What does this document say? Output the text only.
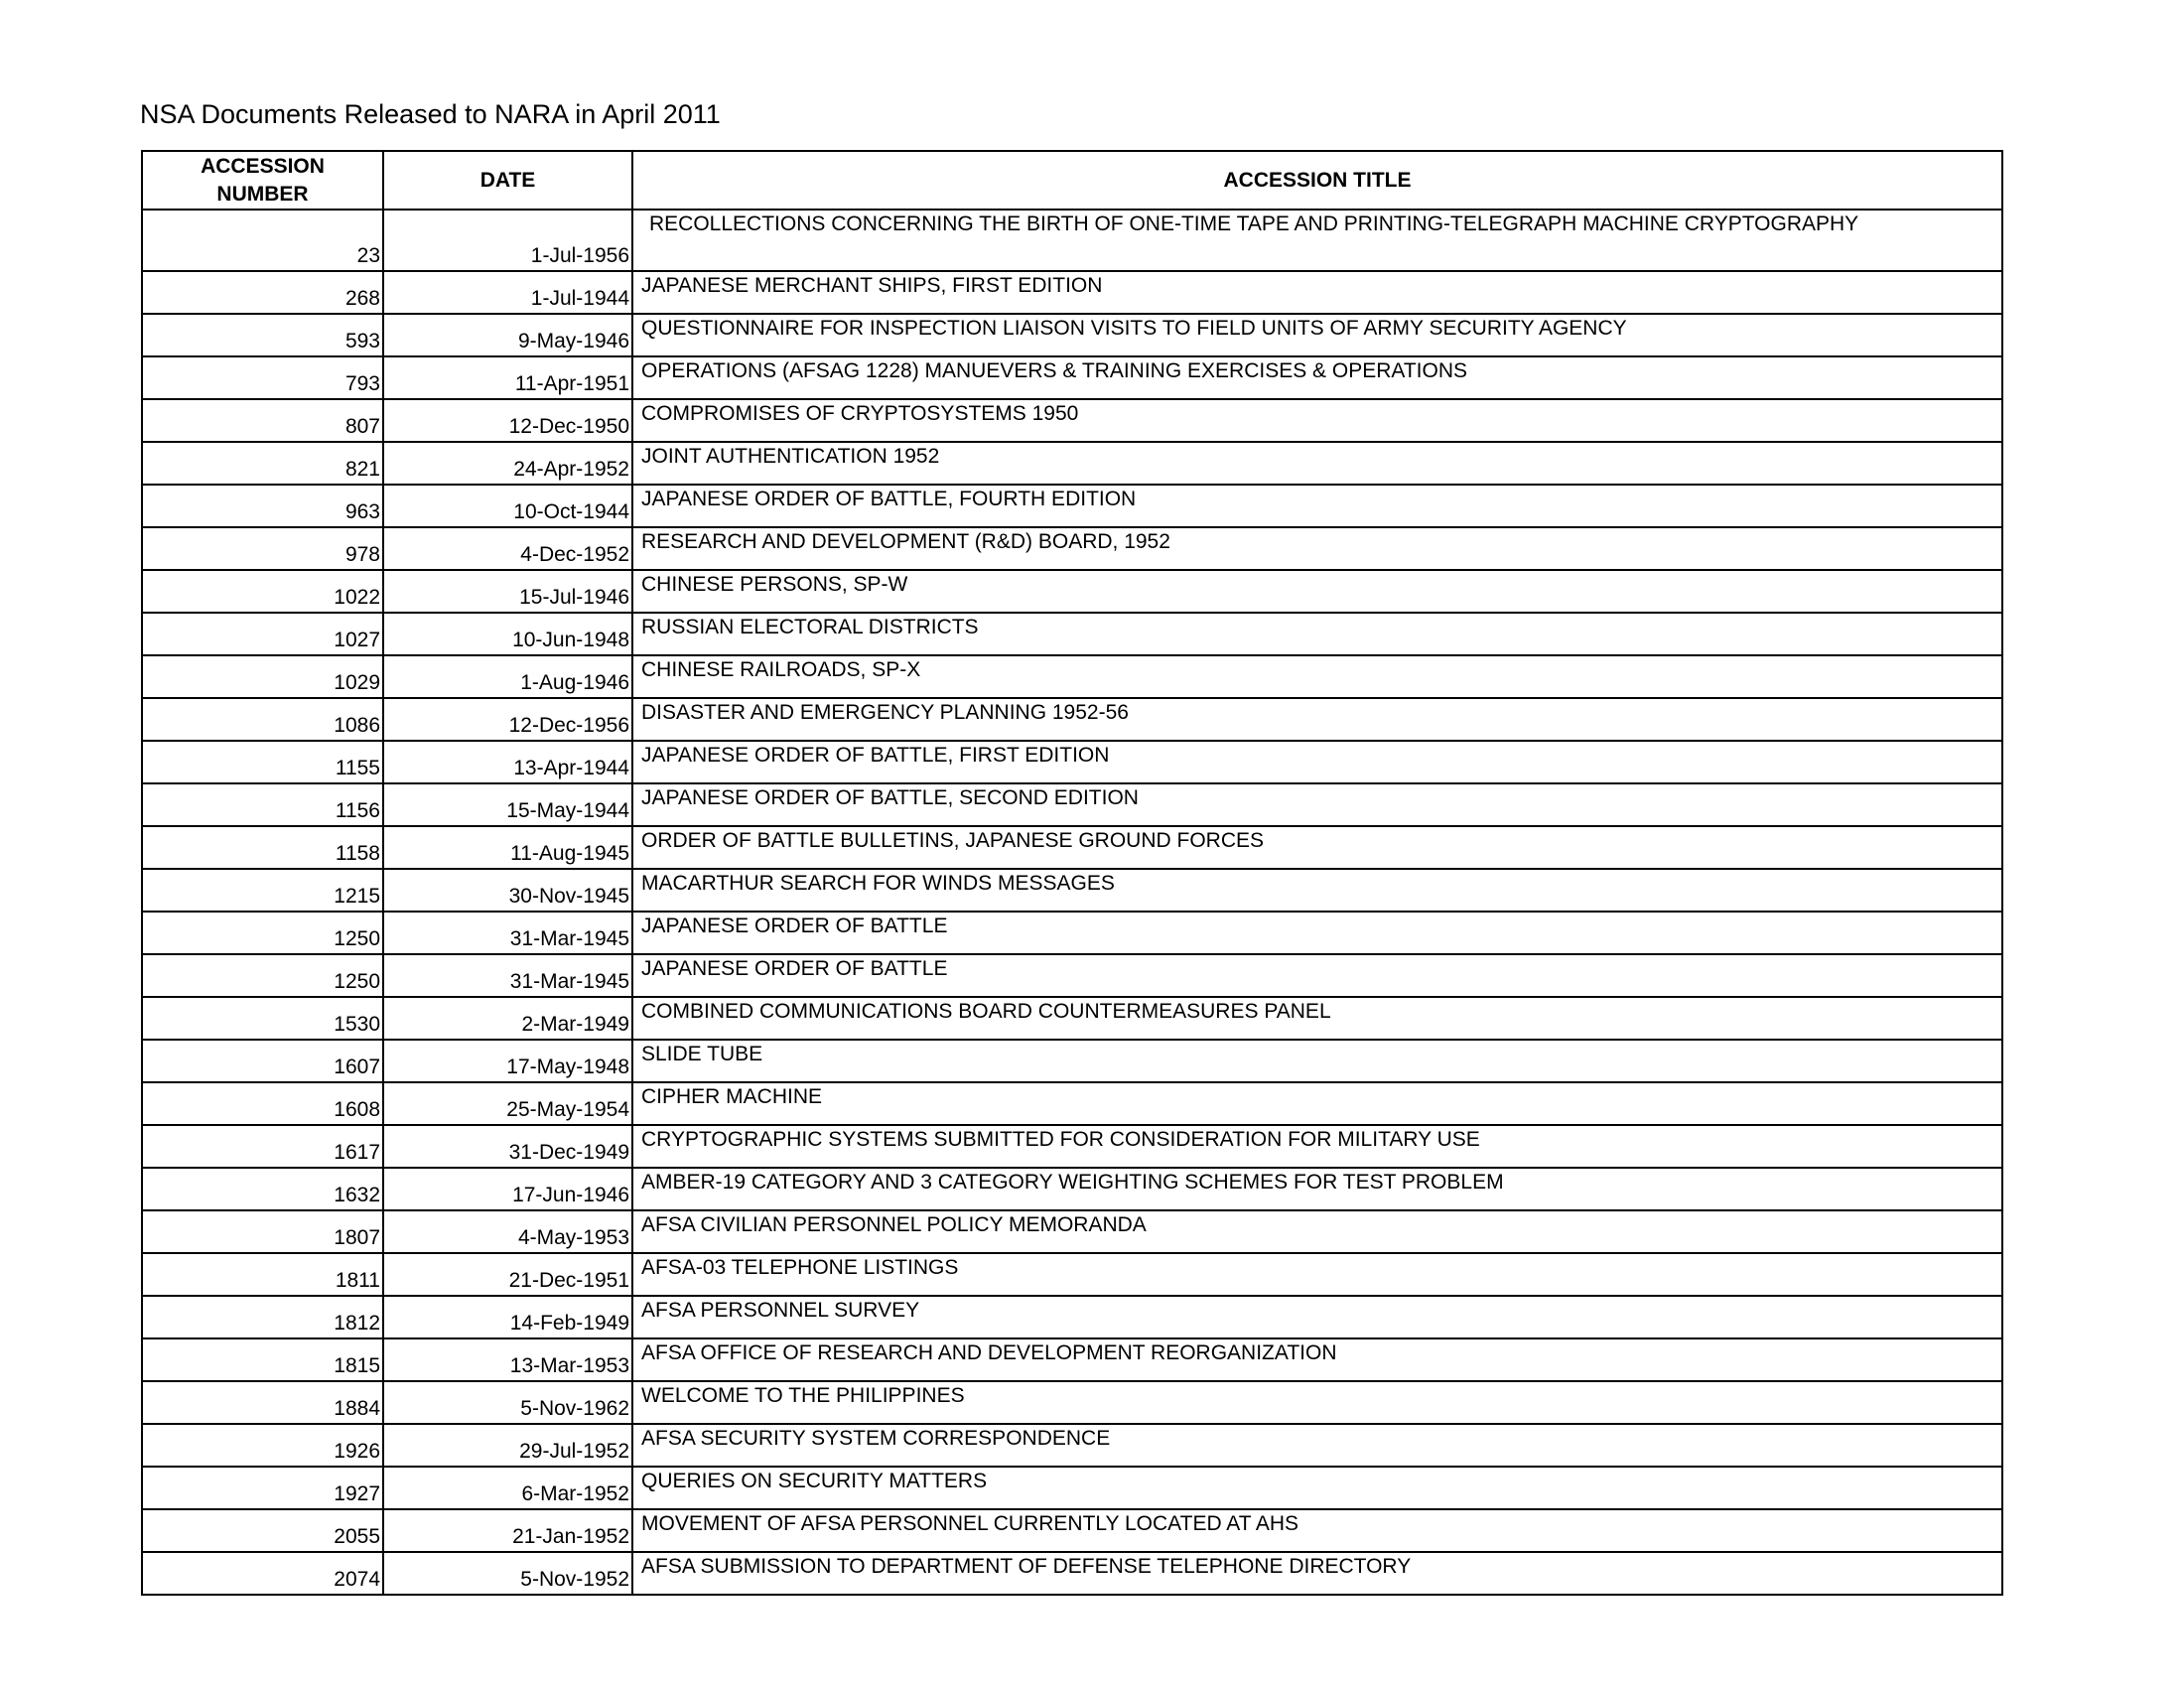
NSA Documents Released to NARA in April 2011
ACCESSION NUMBER	DATE	ACCESSION TITLE
23	1-Jul-1956	RECOLLECTIONS CONCERNING THE BIRTH OF ONE-TIME TAPE AND PRINTING-TELEGRAPH MACHINE CRYPTOGRAPHY
268	1-Jul-1944	JAPANESE MERCHANT SHIPS, FIRST EDITION
593	9-May-1946	QUESTIONNAIRE FOR INSPECTION LIAISON VISITS TO FIELD UNITS OF ARMY SECURITY AGENCY
793	11-Apr-1951	OPERATIONS (AFSAG 1228) MANUEVERS & TRAINING EXERCISES & OPERATIONS
807	12-Dec-1950	COMPROMISES OF CRYPTOSYSTEMS 1950
821	24-Apr-1952	JOINT AUTHENTICATION 1952
963	10-Oct-1944	JAPANESE ORDER OF BATTLE, FOURTH EDITION
978	4-Dec-1952	RESEARCH AND DEVELOPMENT (R&D) BOARD, 1952
1022	15-Jul-1946	CHINESE PERSONS, SP-W
1027	10-Jun-1948	RUSSIAN ELECTORAL DISTRICTS
1029	1-Aug-1946	CHINESE RAILROADS, SP-X
1086	12-Dec-1956	DISASTER AND EMERGENCY PLANNING 1952-56
1155	13-Apr-1944	JAPANESE ORDER OF BATTLE, FIRST EDITION
1156	15-May-1944	JAPANESE ORDER OF BATTLE, SECOND EDITION
1158	11-Aug-1945	ORDER OF BATTLE BULLETINS, JAPANESE GROUND FORCES
1215	30-Nov-1945	MACARTHUR SEARCH FOR WINDS MESSAGES
1250	31-Mar-1945	JAPANESE ORDER OF BATTLE
1250	31-Mar-1945	JAPANESE ORDER OF BATTLE
1530	2-Mar-1949	COMBINED COMMUNICATIONS BOARD COUNTERMEASURES PANEL
1607	17-May-1948	SLIDE TUBE
1608	25-May-1954	CIPHER MACHINE
1617	31-Dec-1949	CRYPTOGRAPHIC SYSTEMS SUBMITTED FOR CONSIDERATION FOR MILITARY USE
1632	17-Jun-1946	AMBER-19 CATEGORY AND 3 CATEGORY WEIGHTING SCHEMES FOR TEST PROBLEM
1807	4-May-1953	AFSA CIVILIAN PERSONNEL POLICY MEMORANDA
1811	21-Dec-1951	AFSA-03 TELEPHONE LISTINGS
1812	14-Feb-1949	AFSA PERSONNEL SURVEY
1815	13-Mar-1953	AFSA OFFICE OF RESEARCH AND DEVELOPMENT REORGANIZATION
1884	5-Nov-1962	WELCOME TO THE PHILIPPINES
1926	29-Jul-1952	AFSA SECURITY SYSTEM CORRESPONDENCE
1927	6-Mar-1952	QUERIES ON SECURITY MATTERS
2055	21-Jan-1952	MOVEMENT OF AFSA PERSONNEL CURRENTLY LOCATED AT AHS
2074	5-Nov-1952	AFSA SUBMISSION TO DEPARTMENT OF DEFENSE TELEPHONE DIRECTORY
